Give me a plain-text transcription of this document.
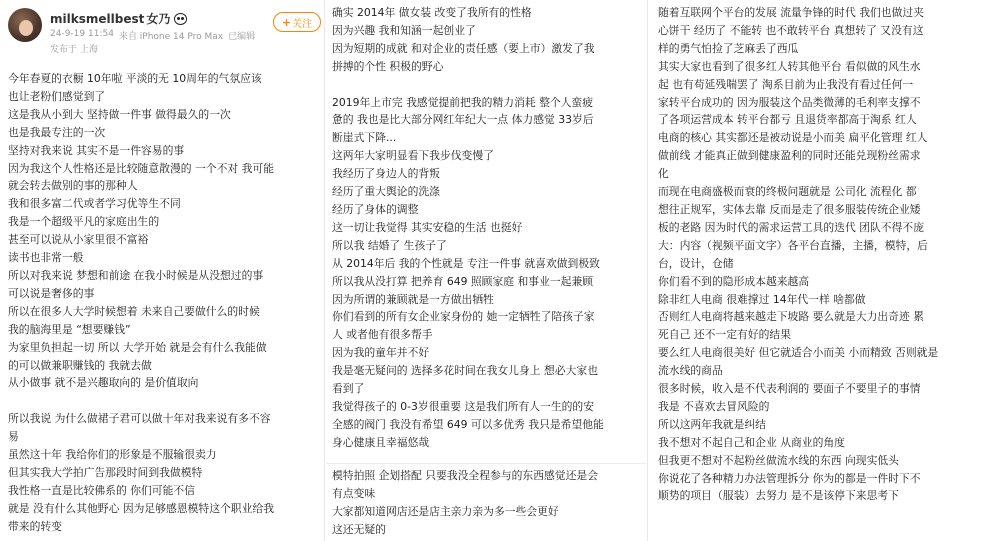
milksmellbest 女乃
24-9-19 11:54 来自 iPhone 14 Pro Max 已编辑
发布于 上海
+ 关注
今年春夏的衣橱 10年啦 平淡的无 10周年的气氛应该
也让老粉们感觉到了
这是我从小到大 坚持做一件事 做得最久的一次
也是我最专注的一次
坚持对我来说 其实不是一件容易的事
因为我这个人性格还是比较随意散漫的 一个不对 我可能
就会转去做别的事的那种人
我和很多富二代或者学习优等生不同
我是一个超级平凡的家庭出生的
甚至可以说从小家里很不富裕
读书也非常一般
所以对我来说 梦想和前途 在我小时候是从没想过的事
可以说是奢侈的事
所以在很多人大学时候想着 未来自己要做什么的时候
我的脑海里是 “想要赚钱”
为家里负担起一切 所以 大学开始 就是会有什么我能做
的可以做兼职赚钱的 我就去做
从小做事 就不是兴趣取向的 是价值取向

所以我说 为什么做裙子君可以做十年对我来说有多不容
易
虽然这十年 我给你们的形象是不服输很卖力
但其实我大学拍广告那段时间到我做模特
我性格一直是比较佛系的 你们可能不信
就是 没有什么其他野心 因为足够感恩模特这个职业给我
带来的转变
确实 2014年 做女装 改变了我所有的性格
因为兴趣 我和知涵一起创业了
因为短期的成就 和对企业的责任感（要上市）激发了我
拼搏的个性 积极的野心

2019年上市完 我感觉提前把我的精力消耗 整个人蛮疲
惫的 我也是比大部分网红年纪大一点 体力感觉 33岁后
断崖式下降...
这两年大家明显看下我步伐变慢了
我经历了身边人的背叛
经历了重大舆论的洗涤
经历了身体的调整
这一切让我觉得 其实安稳的生活 也挺好
所以我 结婚了 生孩子了
从 2014年后 我的个性就是 专注一件事 就喜欢做到极致
所以我从没打算 把养育 649 照顾家庭 和事业一起兼顾
因为所谓的兼顾就是一方做出牺牲
你们看到的所有女企业家身份的 她一定牺牲了陪孩子家
人 或者他有很多帮手
因为我的童年并不好
我是毫无疑问的 选择多花时间在我女儿身上 想必大家也
看到了
我觉得孩子的 0-3岁很重要 这是我们所有人一生的的安
全感的阀门 我没有希望 649 可以多优秀 我只是希望他能
身心健康且幸福悠哉
模特拍照 企划搭配 只要我没全程参与的东西感觉还是会
有点变味
大家都知道网店还是店主亲力亲为多一些会更好
这还无疑的
随着互联网个平台的发展 流量争锋的时代 我们也做过夹
心饼干 经历了 不能转 也不敢转平台 真想转了 又没有这
样的勇气怕捡了芝麻丢了西瓜
其实大家也看到了很多红人转其他平台 看似做的风生水
起 也有苟延残喘罢了 淘系目前为止我没有看过任何一
家转平台成功的 因为服装这个品类微薄的毛利率支撑不
了各项运营成本 转平台都亏 且退货率都高于淘系 红人
电商的核心 其实都还是被动说是小而美 扁平化管理 红人
做前线 才能真正做到健康盈利的同时还能兑现粉丝需求
化
而现在电商盛极而衰的终极问题就是 公司化 流程化 都
想往正规军，实体去靠 反而是走了很多服装传统企业矮
板的老路 因为时代的需求运营工具的迭代 团队不得不庞
大：内容（视频平面文字）各平台直播，主播，模特，后
台，设计，仓储
你们看不到的隐形成本越来越高
除非红人电商 很难撑过 14年代一样 啥都做
否则红人电商将越来越走下坡路 要么就是大力出奇迹 累
死自己 还不一定有好的结果
要么红人电商很美好 但它就适合小而美 小而精致 否则就是
流水线的商品
很多时候，收入是不代表利润的 要面子不要里子的事情
我是 不喜欢去冒风险的
所以这两年我就是纠结
我不想对不起自己和企业 从商业的角度
但我更不想对不起粉丝做流水线的东西 向现实低头
你说花了各种精力办法管理拆分 你为的都是一件时下不
顺势的项目（服装）去努力 是不是该停下来思考下
